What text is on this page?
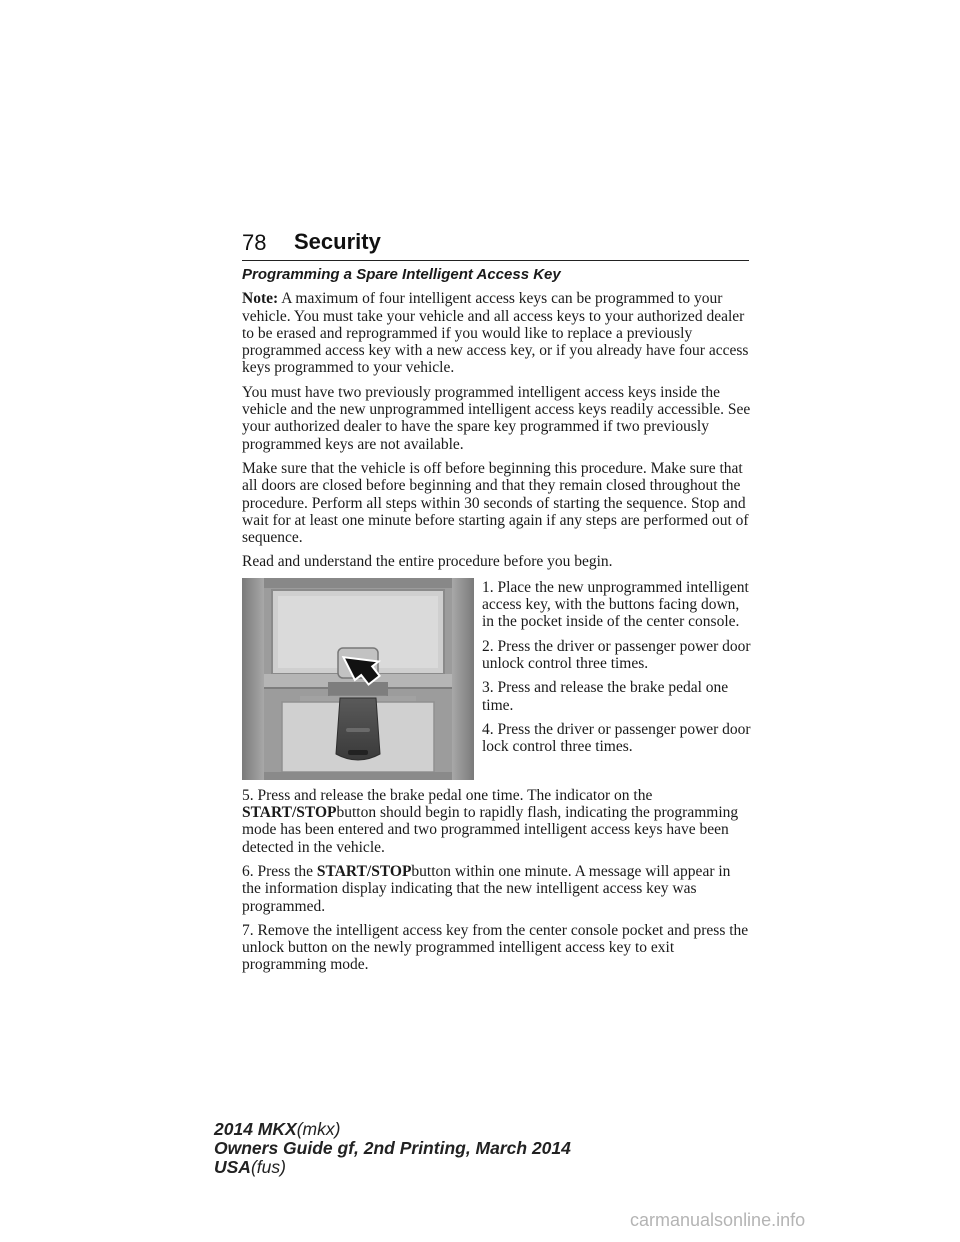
78 Security
Programming a Spare Intelligent Access Key

Note: A maximum of four intelligent access keys can be programmed to your vehicle. You must take your vehicle and all access keys to your authorized dealer to be erased and reprogrammed if you would like to replace a previously programmed access key with a new access key, or if you already have four access keys programmed to your vehicle.

You must have two previously programmed intelligent access keys inside the vehicle and the new unprogrammed intelligent access keys readily accessible. See your authorized dealer to have the spare key programmed if two previously programmed keys are not available.

Make sure that the vehicle is off before beginning this procedure. Make sure that all doors are closed before beginning and that they remain closed throughout the procedure. Perform all steps within 30 seconds of starting the sequence. Stop and wait for at least one minute before starting again if any steps are performed out of sequence.

Read and understand the entire procedure before you begin.

1. Place the new unprogrammed intelligent access key, with the buttons facing down, in the pocket inside of the center console.

2. Press the driver or passenger power door unlock control three times.

3. Press and release the brake pedal one time.

4. Press the driver or passenger power door lock control three times.

5. Press and release the brake pedal one time. The indicator on the START/STOPbutton should begin to rapidly flash, indicating the programming mode has been entered and two programmed intelligent access keys have been detected in the vehicle.

6. Press the START/STOPbutton within one minute. A message will appear in the information display indicating that the new intelligent access key was programmed.

7. Remove the intelligent access key from the center console pocket and press the unlock button on the newly programmed intelligent access key to exit programming mode.

2014 MKX(mkx)
Owners Guide gf, 2nd Printing, March 2014
USA(fus)
carmanualsonline.info
